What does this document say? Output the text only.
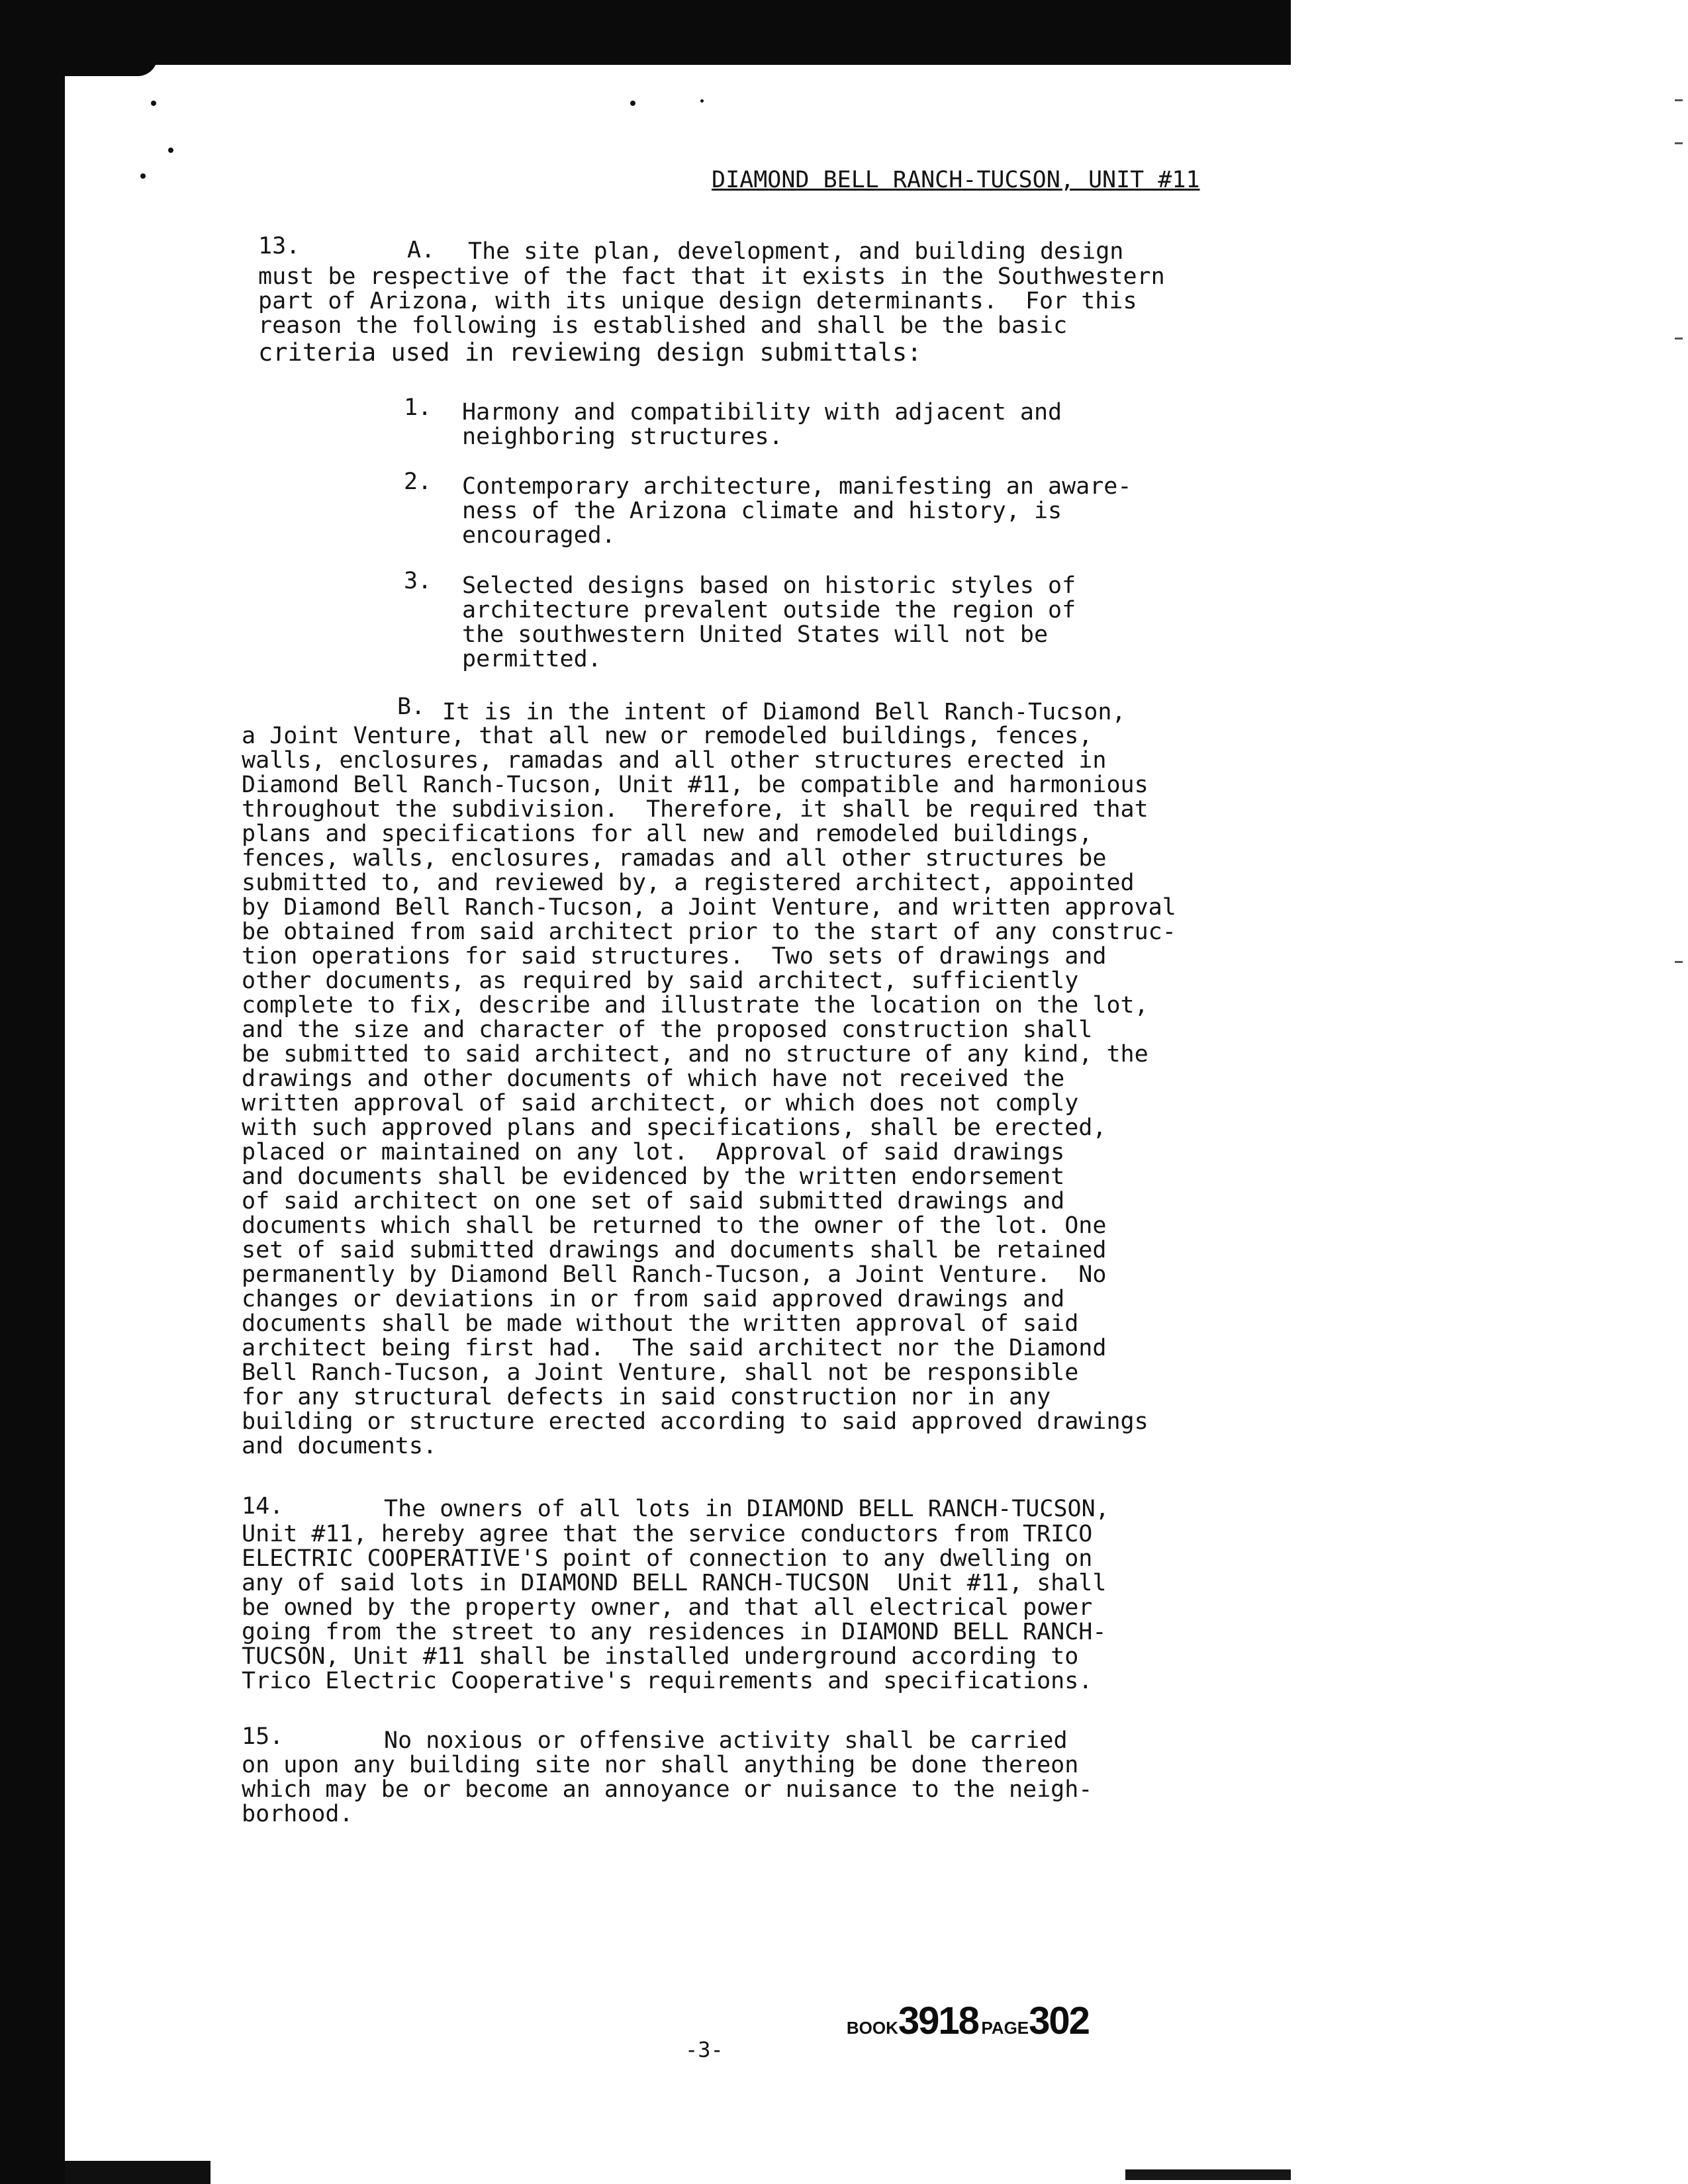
DIAMOND BELL RANCH-TUCSON, UNIT #11
13.	A. The site plan, development, and building design
must be respective of the fact that it exists in the Southwestern
part of Arizona, with its unique design determinants.  For this
reason the following is established and shall be the basic
criteria used in reviewing design submittals:
1. Harmony and compatibility with adjacent and
neighboring structures.
2. Contemporary architecture, manifesting an aware-
ness of the Arizona climate and history, is
encouraged.
3. Selected designs based on historic styles of
architecture prevalent outside the region of
the southwestern United States will not be
permitted.
B. It is in the intent of Diamond Bell Ranch-Tucson,
a Joint Venture, that all new or remodeled buildings, fences,
walls, enclosures, ramadas and all other structures erected in
Diamond Bell Ranch-Tucson, Unit #11, be compatible and harmonious
throughout the subdivision.  Therefore, it shall be required that
plans and specifications for all new and remodeled buildings,
fences, walls, enclosures, ramadas and all other structures be
submitted to, and reviewed by, a registered architect, appointed
by Diamond Bell Ranch-Tucson, a Joint Venture, and written approval
be obtained from said architect prior to the start of any construc-
tion operations for said structures.  Two sets of drawings and
other documents, as required by said architect, sufficiently
complete to fix, describe and illustrate the location on the lot,
and the size and character of the proposed construction shall
be submitted to said architect, and no structure of any kind, the
drawings and other documents of which have not received the
written approval of said architect, or which does not comply
with such approved plans and specifications, shall be erected,
placed or maintained on any lot.  Approval of said drawings
and documents shall be evidenced by the written endorsement
of said architect on one set of said submitted drawings and
documents which shall be returned to the owner of the lot. One
set of said submitted drawings and documents shall be retained
permanently by Diamond Bell Ranch-Tucson, a Joint Venture.  No
changes or deviations in or from said approved drawings and
documents shall be made without the written approval of said
architect being first had.  The said architect nor the Diamond
Bell Ranch-Tucson, a Joint Venture, shall not be responsible
for any structural defects in said construction nor in any
building or structure erected according to said approved drawings
and documents.
14.	The owners of all lots in DIAMOND BELL RANCH-TUCSON,
Unit #11, hereby agree that the service conductors from TRICO
ELECTRIC COOPERATIVE'S point of connection to any dwelling on
any of said lots in DIAMOND BELL RANCH-TUCSON  Unit #11, shall
be owned by the property owner, and that all electrical power
going from the street to any residences in DIAMOND BELL RANCH-
TUCSON, Unit #11 shall be installed underground according to
Trico Electric Cooperative's requirements and specifications.
15.	No noxious or offensive activity shall be carried
on upon any building site nor shall anything be done thereon
which may be or become an annoyance or nuisance to the neigh-
borhood.

BOOK3918 PAGE302

-3-
